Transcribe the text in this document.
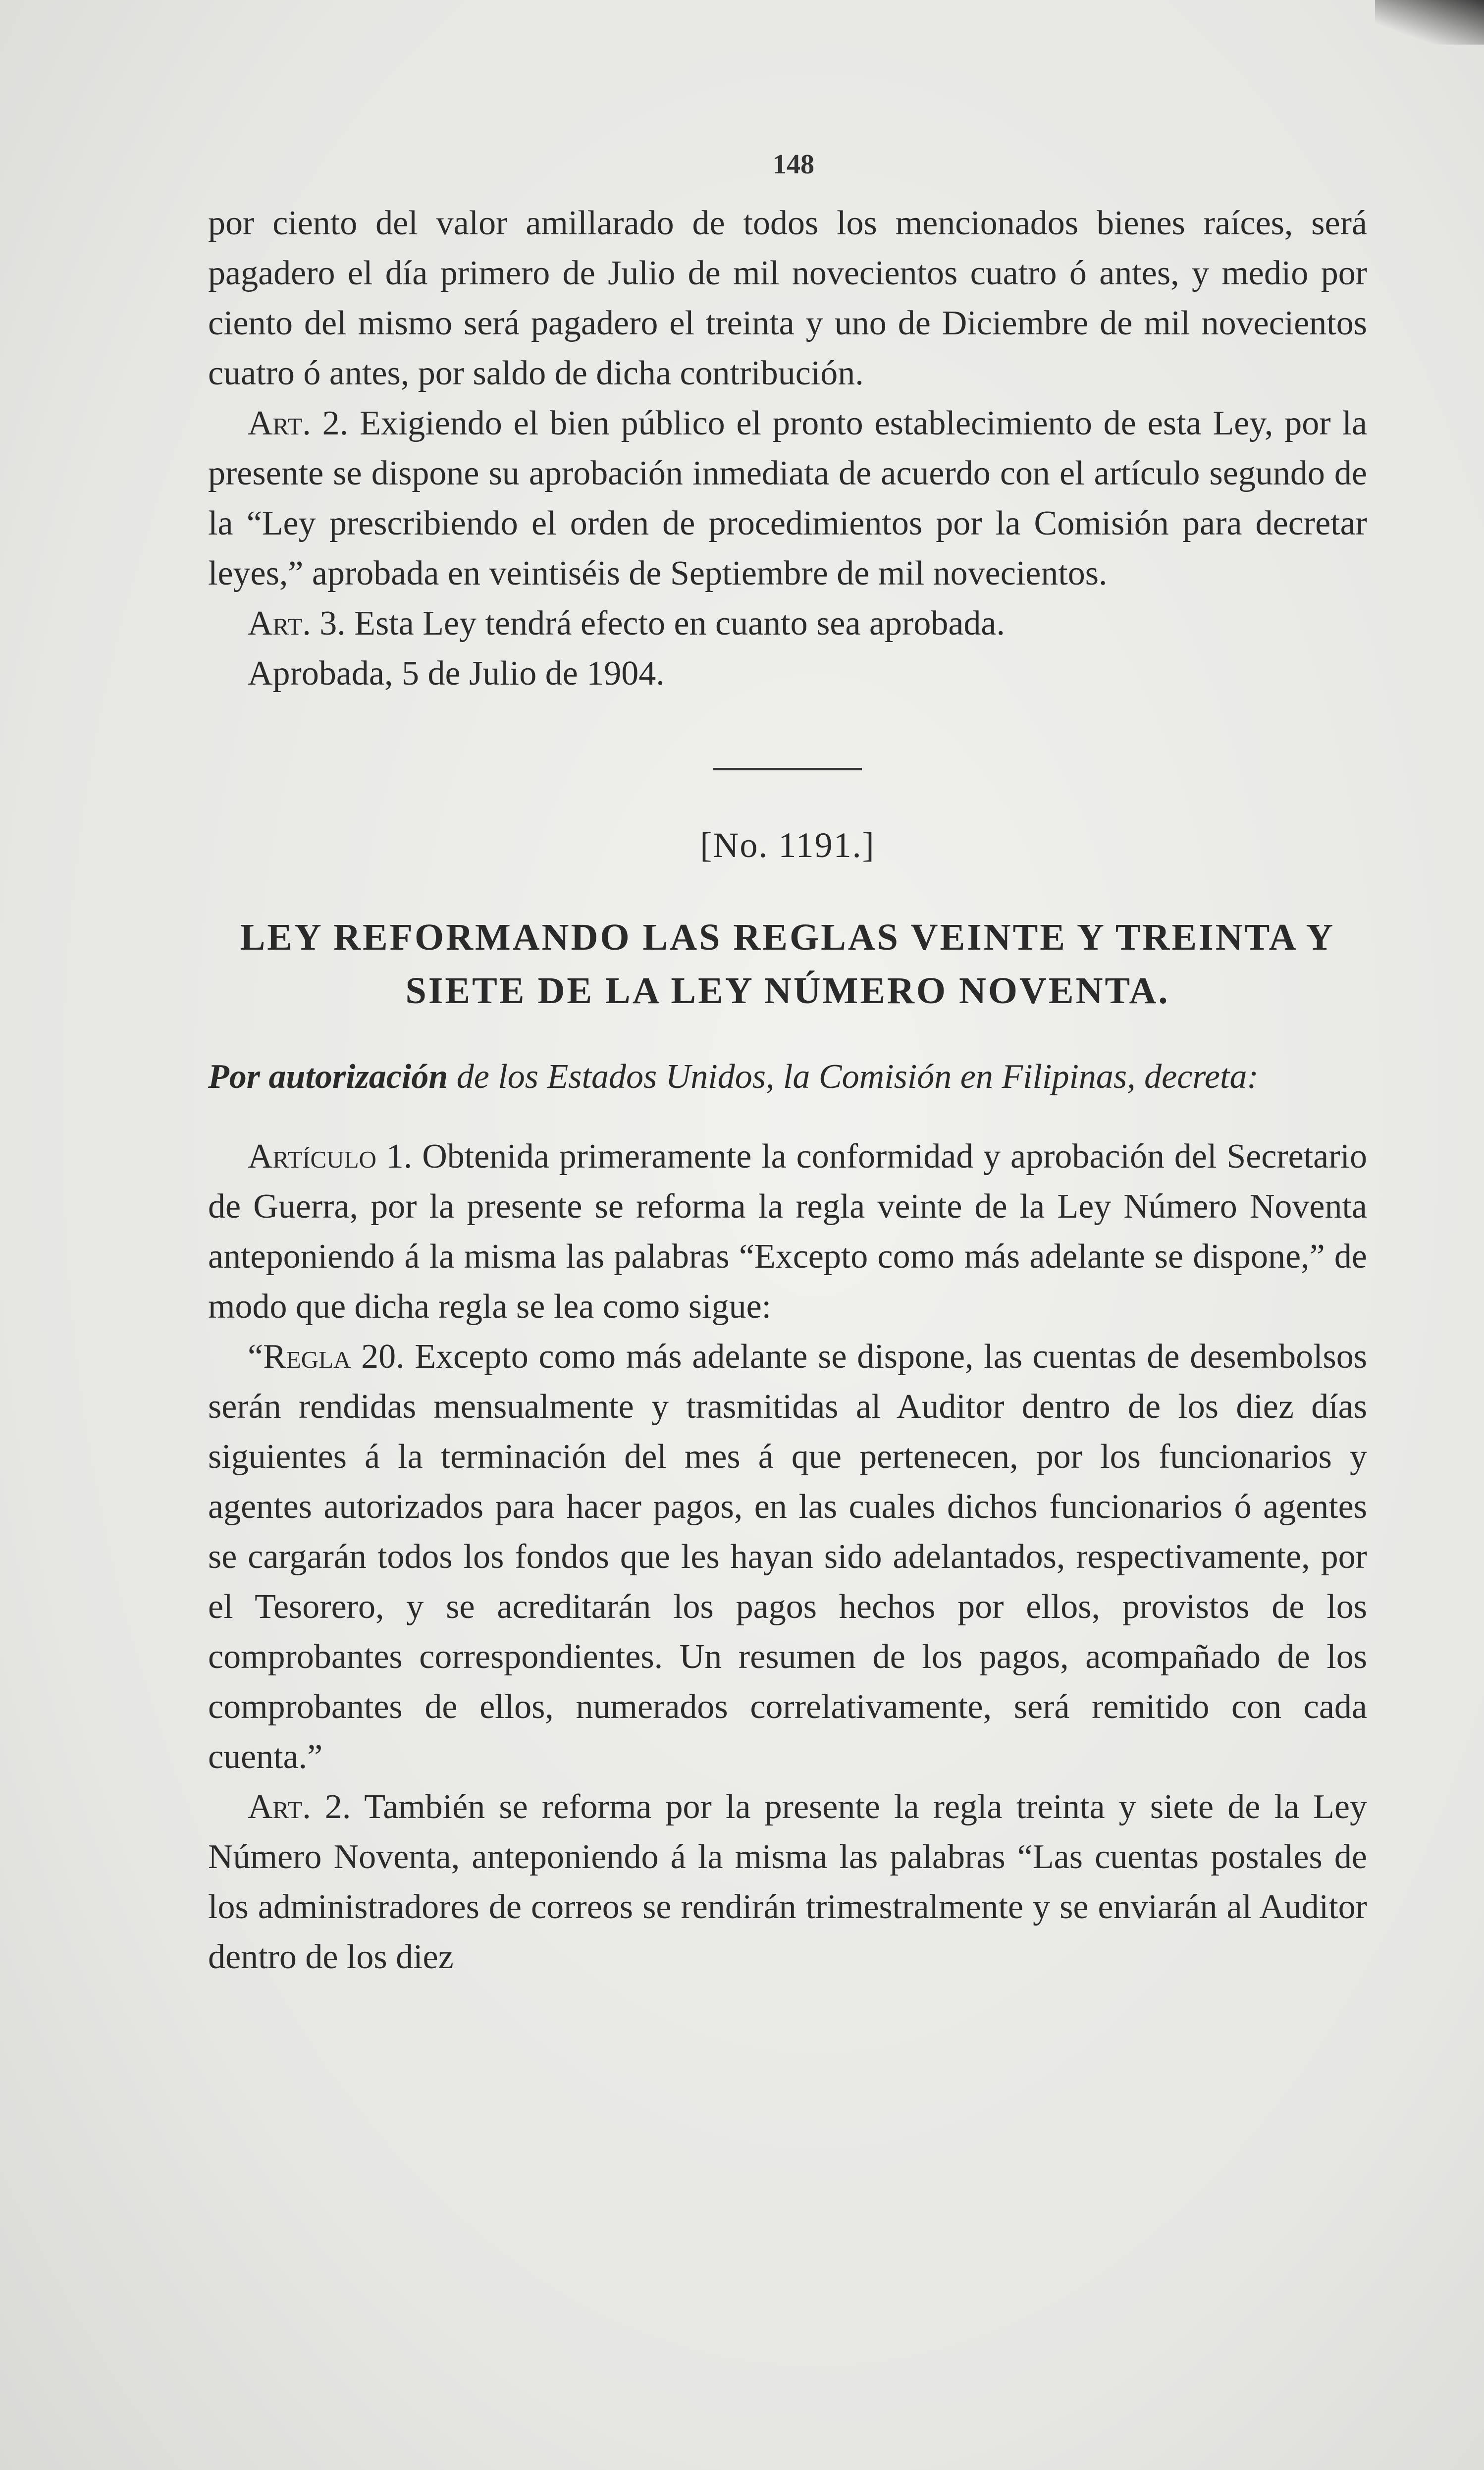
148

por ciento del valor amillarado de todos los mencionados bienes raíces, será pagadero el día primero de Julio de mil novecientos cuatro ó antes, y medio por ciento del mismo será pagadero el treinta y uno de Diciembre de mil novecientos cuatro ó antes, por saldo de dicha contribución.

Art. 2. Exigiendo el bien público el pronto establecimiento de esta Ley, por la presente se dispone su aprobación inmediata de acuerdo con el artículo segundo de la “Ley prescribiendo el orden de procedimientos por la Comisión para decretar leyes,” aprobada en veintiséis de Septiembre de mil novecientos.

Art. 3. Esta Ley tendrá efecto en cuanto sea aprobada.

Aprobada, 5 de Julio de 1904.

[No. 1191.]
LEY REFORMANDO LAS REGLAS VEINTE Y TREINTA Y SIETE DE LA LEY NÚMERO NOVENTA.
Por autorización de los Estados Unidos, la Comisión en Filipinas, decreta:

Artículo 1. Obtenida primeramente la conformidad y aprobación del Secretario de Guerra, por la presente se reforma la regla veinte de la Ley Número Noventa anteponiendo á la misma las palabras “Excepto como más adelante se dispone,” de modo que dicha regla se lea como sigue:

“Regla 20. Excepto como más adelante se dispone, las cuentas de desembolsos serán rendidas mensualmente y trasmitidas al Auditor dentro de los diez días siguientes á la terminación del mes á que pertenecen, por los funcionarios y agentes autorizados para hacer pagos, en las cuales dichos funcionarios ó agentes se cargarán todos los fondos que les hayan sido adelantados, respectivamente, por el Tesorero, y se acreditarán los pagos hechos por ellos, provistos de los comprobantes correspondientes. Un resumen de los pagos, acompañado de los comprobantes de ellos, numerados correlativamente, será remitido con cada cuenta.”

Art. 2. También se reforma por la presente la regla treinta y siete de la Ley Número Noventa, anteponiendo á la misma las palabras “Las cuentas postales de los administradores de correos se rendirán trimestralmente y se enviarán al Auditor dentro de los diez
